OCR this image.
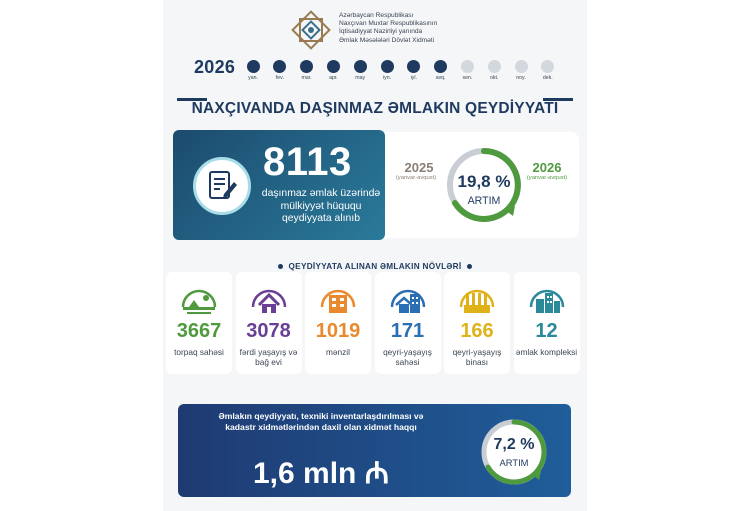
Azərbaycan Respublikası
Naxçıvan Muxtar Respublikasının
İqtisadiyyat Nazirliyi yanında
Əmlak Məsələləri Dövlət Xidməti
2026
yan.	fev.	mar.	apr.	may	iyn.	iyl.	avq.	sen.	okt.	noy.	dek.
NAXÇIVANDA DAŞINMAZ ƏMLAKIN QEYDİYYATI
2025
(yanvar-avqust)
2026
(yanvar-avqust)
19,8 %
ARTIM
8113
daşınmaz əmlak üzərində mülkiyyət hüququ qeydiyyata alınıb
QEYDİYYATA ALINAN ƏMLAKIN NÖVLƏRİ
3667
torpaq sahəsi
3078
fərdi yaşayış və bağ evi
1019
mənzil
171
qeyri-yaşayış sahəsi
166
qeyri-yaşayış binası
12
əmlak kompleksi
Əmlakın qeydiyyatı, texniki inventarlaşdırılması və kadastr xidmətlərindən daxil olan xidmət haqqı
1,6 mln ₼
7,2 %
ARTIM
